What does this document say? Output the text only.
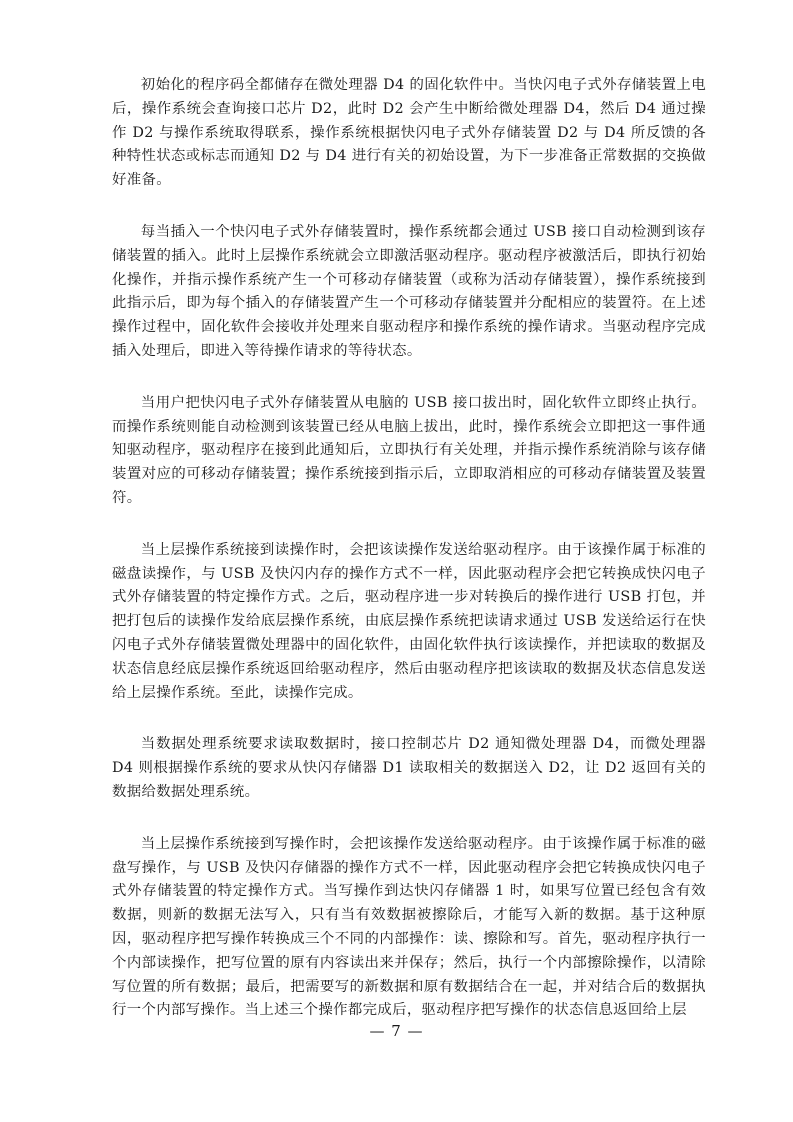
初始化的程序码全都储存在微处理器 D4 的固化软件中。当快闪电子式外存储装置上电后，操作系统会查询接口芯片 D2，此时 D2 会产生中断给微处理器 D4，然后 D4 通过操作 D2 与操作系统取得联系，操作系统根据快闪电子式外存储装置 D2 与 D4 所反馈的各种特性状态或标志而通知 D2 与 D4 进行有关的初始设置，为下一步准备正常数据的交换做好准备。

每当插入一个快闪电子式外存储装置时，操作系统都会通过 USB 接口自动检测到该存储装置的插入。此时上层操作系统就会立即激活驱动程序。驱动程序被激活后，即执行初始化操作，并指示操作系统产生一个可移动存储装置（或称为活动存储装置），操作系统接到此指示后，即为每个插入的存储装置产生一个可移动存储装置并分配相应的装置符。在上述操作过程中，固化软件会接收并处理来自驱动程序和操作系统的操作请求。当驱动程序完成插入处理后，即进入等待操作请求的等待状态。

当用户把快闪电子式外存储装置从电脑的 USB 接口拔出时，固化软件立即终止执行。而操作系统则能自动检测到该装置已经从电脑上拔出，此时，操作系统会立即把这一事件通知驱动程序，驱动程序在接到此通知后，立即执行有关处理，并指示操作系统消除与该存储装置对应的可移动存储装置；操作系统接到指示后，立即取消相应的可移动存储装置及装置符。

当上层操作系统接到读操作时，会把该读操作发送给驱动程序。由于该操作属于标准的磁盘读操作，与 USB 及快闪内存的操作方式不一样，因此驱动程序会把它转换成快闪电子式外存储装置的特定操作方式。之后，驱动程序进一步对转换后的操作进行 USB 打包，并把打包后的读操作发给底层操作系统，由底层操作系统把读请求通过 USB 发送给运行在快闪电子式外存储装置微处理器中的固化软件，由固化软件执行该读操作，并把读取的数据及状态信息经底层操作系统返回给驱动程序，然后由驱动程序把该读取的数据及状态信息发送给上层操作系统。至此，读操作完成。

当数据处理系统要求读取数据时，接口控制芯片 D2 通知微处理器 D4，而微处理器 D4 则根据操作系统的要求从快闪存储器 D1 读取相关的数据送入 D2，让 D2 返回有关的数据给数据处理系统。

当上层操作系统接到写操作时，会把该操作发送给驱动程序。由于该操作属于标准的磁盘写操作，与 USB 及快闪存储器的操作方式不一样，因此驱动程序会把它转换成快闪电子式外存储装置的特定操作方式。当写操作到达快闪存储器 1 时，如果写位置已经包含有效数据，则新的数据无法写入，只有当有效数据被擦除后，才能写入新的数据。基于这种原因，驱动程序把写操作转换成三个不同的内部操作：读、擦除和写。首先，驱动程序执行一个内部读操作，把写位置的原有内容读出来并保存；然后，执行一个内部擦除操作，以清除写位置的所有数据；最后，把需要写的新数据和原有数据结合在一起，并对结合后的数据执行一个内部写操作。当上述三个操作都完成后，驱动程序把写操作的状态信息返回给上层

— 7 —
